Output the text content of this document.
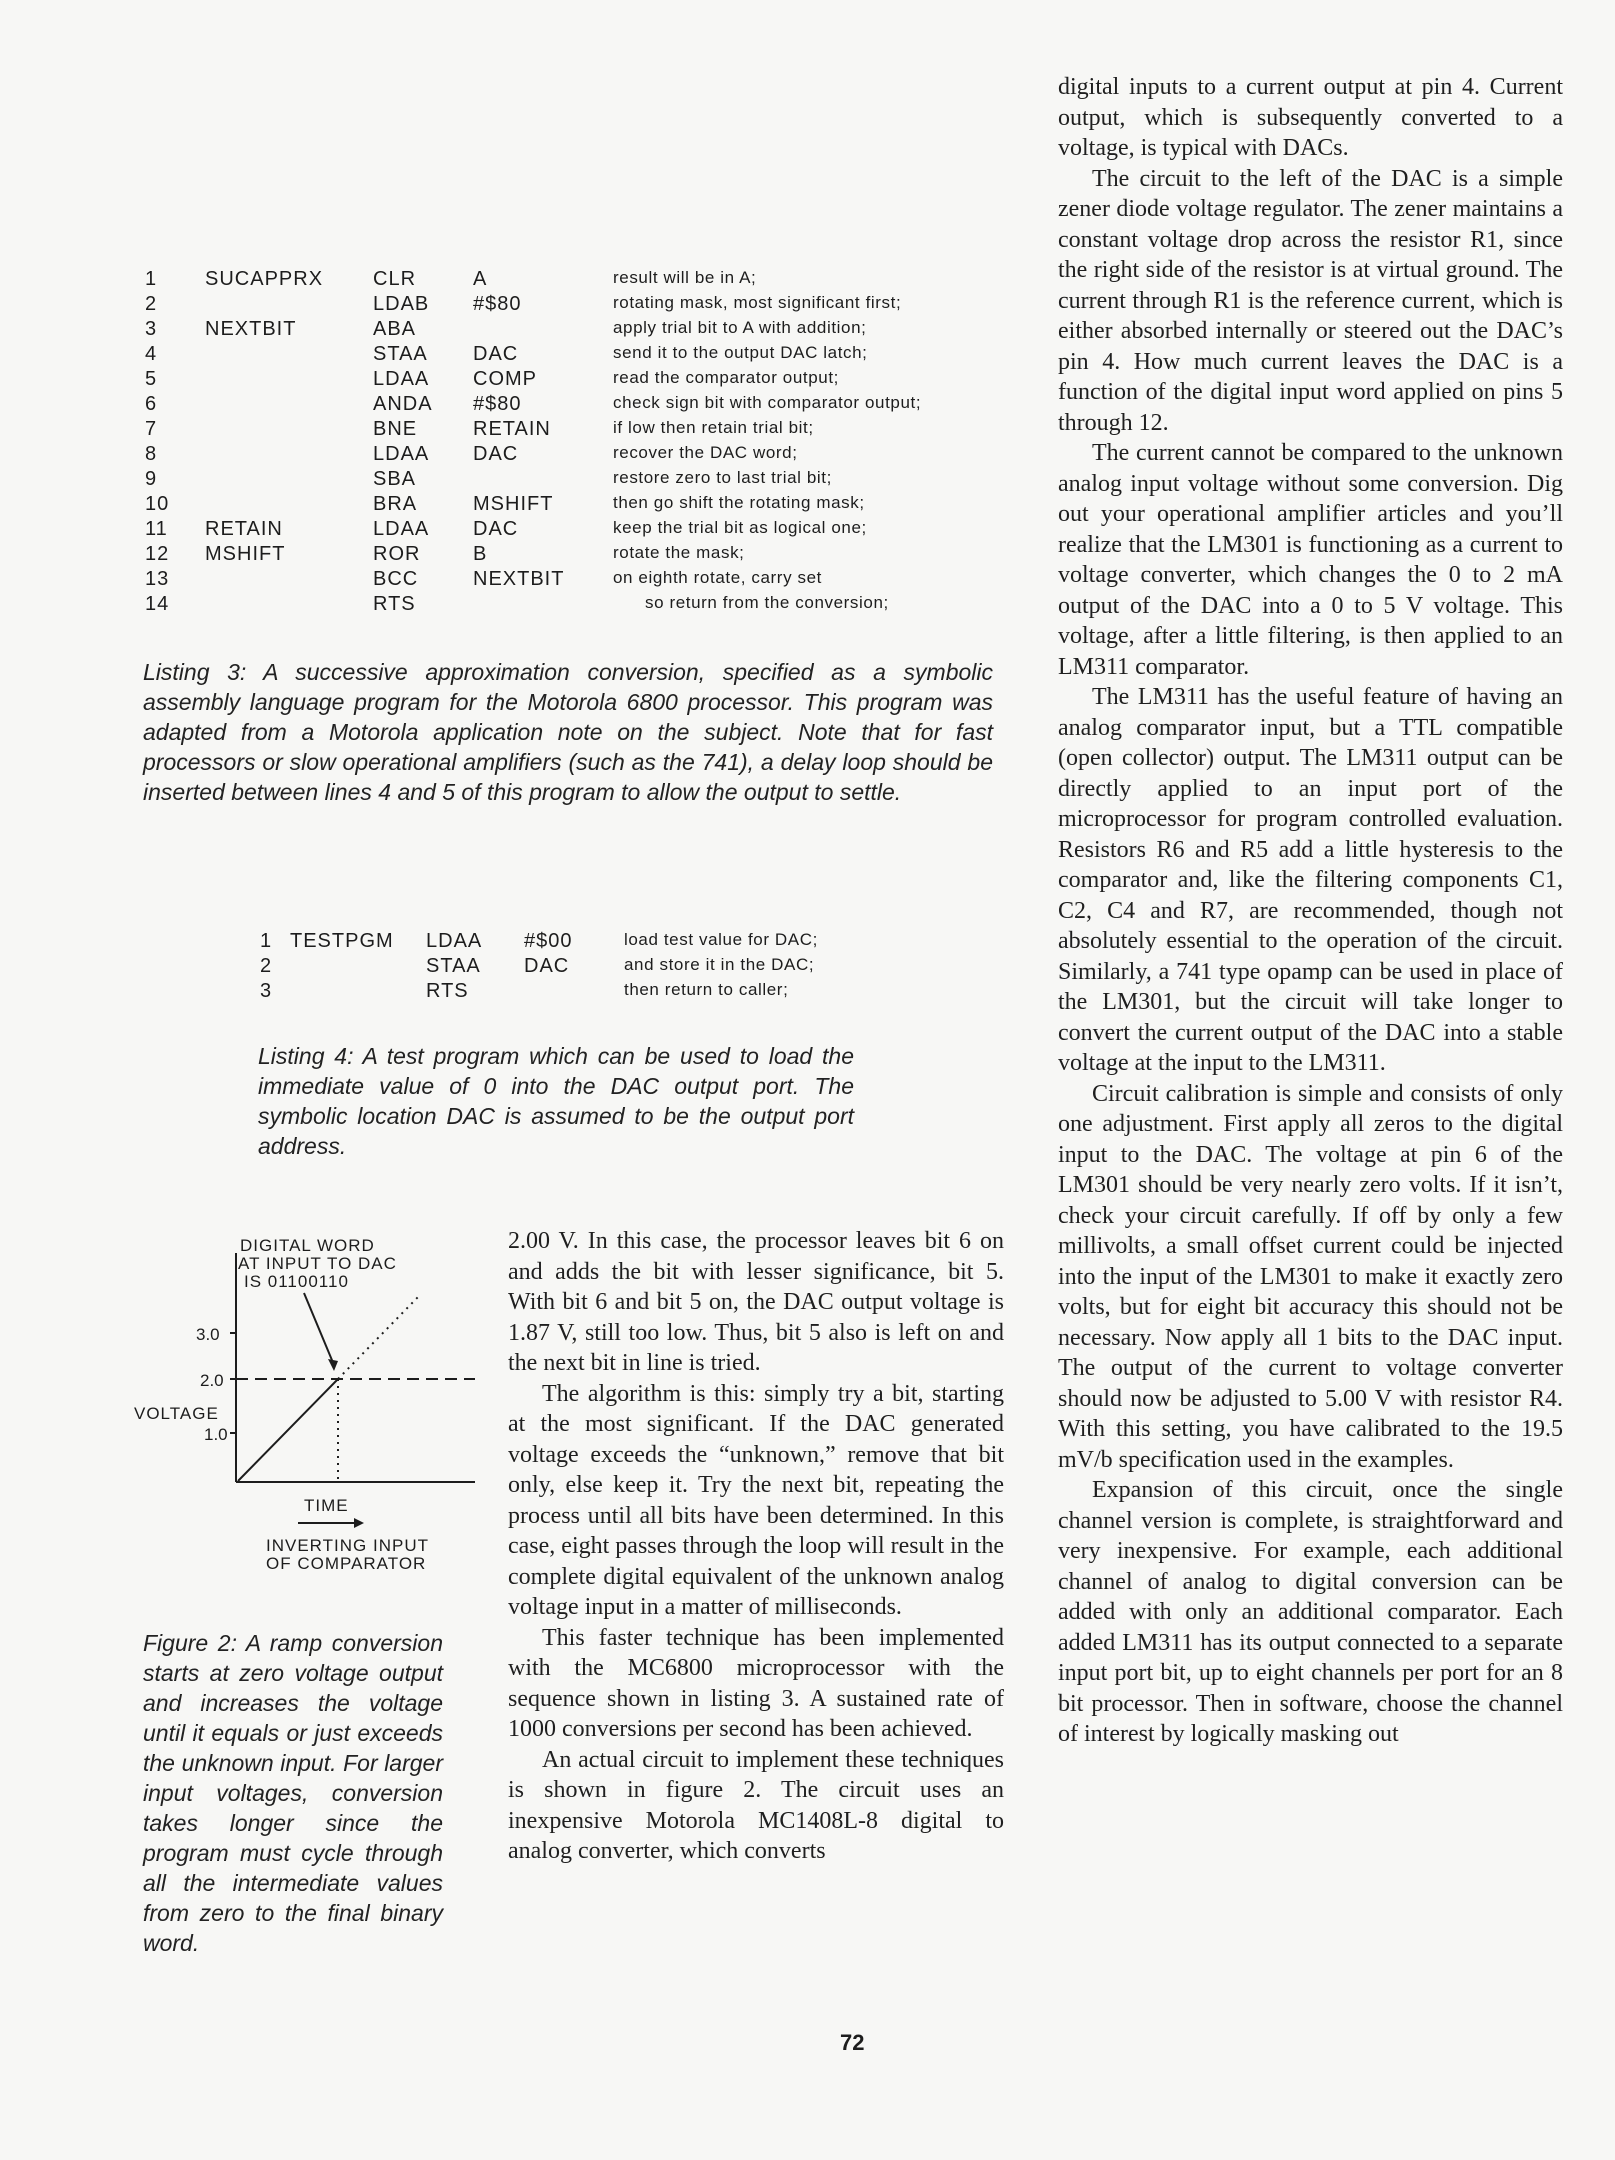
1	SUCAPPRX	CLR	A	result will be in A;
2		LDAB	#$80	rotating mask, most significant first;
3	NEXTBIT	ABA		apply trial bit to A with addition;
4		STAA	DAC	send it to the output DAC latch;
5		LDAA	COMP	read the comparator output;
6		ANDA	#$80	check sign bit with comparator output;
7		BNE	RETAIN	if low then retain trial bit;
8		LDAA	DAC	recover the DAC word;
9		SBA		restore zero to last trial bit;
10		BRA	MSHIFT	then go shift the rotating mask;
11	RETAIN	LDAA	DAC	keep the trial bit as logical one;
12	MSHIFT	ROR	B	rotate the mask;
13		BCC	NEXTBIT	on eighth rotate, carry set
14		RTS		so return from the conversion;

Listing 3: A successive approximation conversion, specified as a symbolic assembly language program for the Motorola 6800 processor. This program was adapted from a Motorola application note on the subject. Note that for fast processors or slow operational amplifiers (such as the 741), a delay loop should be inserted between lines 4 and 5 of this program to allow the output to settle.

1	TESTPGM	LDAA	#$00	load test value for DAC;
2		STAA	DAC	and store it in the DAC;
3		RTS		then return to caller;

Listing 4: A test program which can be used to load the immediate value of 0 into the DAC output port. The symbolic location DAC is assumed to be the output port address.

DIGITAL WORD
AT INPUT TO DAC
IS 01100110
3.0
2.0
1.0
VOLTAGE
TIME
INVERTING INPUT
OF COMPARATOR

Figure 2: A ramp conversion starts at zero voltage output and increases the voltage until it equals or just exceeds the unknown input. For larger input voltages, conversion takes longer since the program must cycle through all the intermediate values from zero to the final binary word.

2.00 V. In this case, the processor leaves bit 6 on and adds the bit with lesser significance, bit 5. With bit 6 and bit 5 on, the DAC output voltage is 1.87 V, still too low. Thus, bit 5 also is left on and the next bit in line is tried.

The algorithm is this: simply try a bit, starting at the most significant. If the DAC generated voltage exceeds the “unknown,” remove that bit only, else keep it. Try the next bit, repeating the process until all bits have been determined. In this case, eight passes through the loop will result in the complete digital equivalent of the unknown analog voltage input in a matter of milliseconds.

This faster technique has been implemented with the MC6800 microprocessor with the sequence shown in listing 3. A sustained rate of 1000 conversions per second has been achieved.

An actual circuit to implement these techniques is shown in figure 2. The circuit uses an inexpensive Motorola MC1408L-8 digital to analog converter, which converts

digital inputs to a current output at pin 4. Current output, which is subsequently converted to a voltage, is typical with DACs.

The circuit to the left of the DAC is a simple zener diode voltage regulator. The zener maintains a constant voltage drop across the resistor R1, since the right side of the resistor is at virtual ground. The current through R1 is the reference current, which is either absorbed internally or steered out the DAC’s pin 4. How much current leaves the DAC is a function of the digital input word applied on pins 5 through 12.

The current cannot be compared to the unknown analog input voltage without some conversion. Dig out your operational amplifier articles and you’ll realize that the LM301 is functioning as a current to voltage converter, which changes the 0 to 2 mA output of the DAC into a 0 to 5 V voltage. This voltage, after a little filtering, is then applied to an LM311 comparator.

The LM311 has the useful feature of having an analog comparator input, but a TTL compatible (open collector) output. The LM311 output can be directly applied to an input port of the microprocessor for program controlled evaluation. Resistors R6 and R5 add a little hysteresis to the comparator and, like the filtering components C1, C2, C4 and R7, are recommended, though not absolutely essential to the operation of the circuit. Similarly, a 741 type opamp can be used in place of the LM301, but the circuit will take longer to convert the current output of the DAC into a stable voltage at the input to the LM311.

Circuit calibration is simple and consists of only one adjustment. First apply all zeros to the digital input to the DAC. The voltage at pin 6 of the LM301 should be very nearly zero volts. If it isn’t, check your circuit carefully. If off by only a few millivolts, a small offset current could be injected into the input of the LM301 to make it exactly zero volts, but for eight bit accuracy this should not be necessary. Now apply all 1 bits to the DAC input. The output of the current to voltage converter should now be adjusted to 5.00 V with resistor R4. With this setting, you have calibrated to the 19.5 mV/b specification used in the examples.

Expansion of this circuit, once the single channel version is complete, is straightforward and very inexpensive. For example, each additional channel of analog to digital conversion can be added with only an additional comparator. Each added LM311 has its output connected to a separate input port bit, up to eight channels per port for an 8 bit processor. Then in software, choose the channel of interest by logically masking out

72
